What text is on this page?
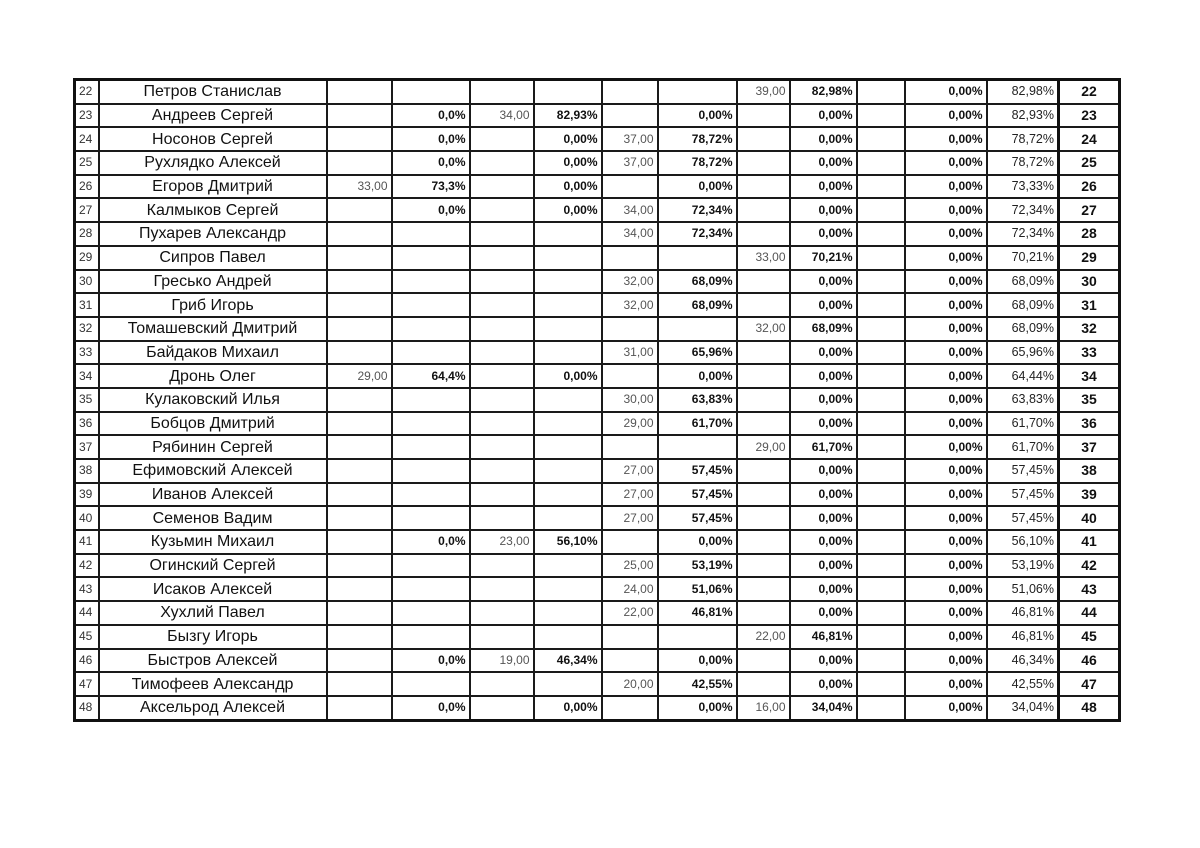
22	Петров Станислав							39,00	82,98%		0,00%	82,98%	22
23	Андреев Сергей		0,0%	34,00	82,93%		0,00%		0,00%		0,00%	82,93%	23
24	Носонов Сергей		0,0%		0,00%	37,00	78,72%		0,00%		0,00%	78,72%	24
25	Рухлядко Алексей		0,0%		0,00%	37,00	78,72%		0,00%		0,00%	78,72%	25
26	Егоров Дмитрий	33,00	73,3%		0,00%		0,00%		0,00%		0,00%	73,33%	26
27	Калмыков Сергей		0,0%		0,00%	34,00	72,34%		0,00%		0,00%	72,34%	27
28	Пухарев Александр					34,00	72,34%		0,00%		0,00%	72,34%	28
29	Сипров Павел							33,00	70,21%		0,00%	70,21%	29
30	Гресько Андрей					32,00	68,09%		0,00%		0,00%	68,09%	30
31	Гриб Игорь					32,00	68,09%		0,00%		0,00%	68,09%	31
32	Томашевский Дмитрий							32,00	68,09%		0,00%	68,09%	32
33	Байдаков Михаил					31,00	65,96%		0,00%		0,00%	65,96%	33
34	Дронь Олег	29,00	64,4%		0,00%		0,00%		0,00%		0,00%	64,44%	34
35	Кулаковский Илья					30,00	63,83%		0,00%		0,00%	63,83%	35
36	Бобцов Дмитрий					29,00	61,70%		0,00%		0,00%	61,70%	36
37	Рябинин Сергей							29,00	61,70%		0,00%	61,70%	37
38	Ефимовский Алексей					27,00	57,45%		0,00%		0,00%	57,45%	38
39	Иванов Алексей					27,00	57,45%		0,00%		0,00%	57,45%	39
40	Семенов Вадим					27,00	57,45%		0,00%		0,00%	57,45%	40
41	Кузьмин Михаил		0,0%	23,00	56,10%		0,00%		0,00%		0,00%	56,10%	41
42	Огинский Сергей					25,00	53,19%		0,00%		0,00%	53,19%	42
43	Исаков Алексей					24,00	51,06%		0,00%		0,00%	51,06%	43
44	Хухлий Павел					22,00	46,81%		0,00%		0,00%	46,81%	44
45	Бызгу Игорь							22,00	46,81%		0,00%	46,81%	45
46	Быстров Алексей		0,0%	19,00	46,34%		0,00%		0,00%		0,00%	46,34%	46
47	Тимофеев Александр					20,00	42,55%		0,00%		0,00%	42,55%	47
48	Аксельрод Алексей		0,0%		0,00%		0,00%	16,00	34,04%		0,00%	34,04%	48
